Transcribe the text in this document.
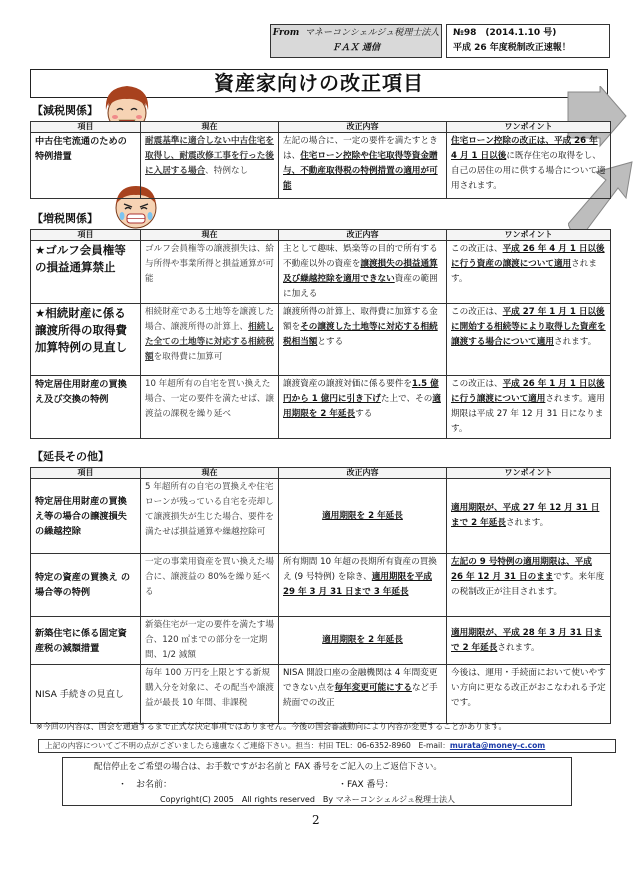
From マネーコンシェルジュ税理士法人
ＦＡＸ 通信
№98　(2014.1.10 号)
平成 26 年度税制改正速報！
資産家向けの改正項目
【減税関係】
項目	現在	改正内容	ワンポイント
中古住宅流通のための特例措置	耐震基準に適合しない中古住宅を取得し、耐震改修工事を行った後に入居する場合、特例なし	左記の場合に、一定の要件を満たすときは、住宅ローン控除や住宅取得等資金贈与、不動産取得税の特例措置の適用が可能	住宅ローン控除の改正は、平成 26 年 4 月 1 日以後に既存住宅の取得をし、自己の居住の用に供する場合について適用されます。
【増税関係】
項目	現在	改正内容	ワンポイント
★ゴルフ会員権等の損益通算禁止	ゴルフ会員権等の譲渡損失は、給与所得や事業所得と損益通算が可能	主として趣味、娯楽等の目的で所有する不動産以外の資産を譲渡損失の損益通算及び繰越控除を適用できない資産の範囲に加える	この改正は、平成 26 年 4 月 1 日以後に行う資産の譲渡について適用されます。
★相続財産に係る譲渡所得の取得費加算特例の見直し	相続財産である土地等を譲渡した場合、譲渡所得の計算上、相続した全ての土地等に対応する相続税額を取得費に加算可	譲渡所得の計算上、取得費に加算する金額をその譲渡した土地等に対応する相続税相当額とする	この改正は、平成 27 年 1 月 1 日以後に開始する相続等により取得した資産を譲渡する場合について適用されます。
特定居住用財産の買換え及び交換の特例	10 年超所有の自宅を買い換えた場合、一定の要件を満たせば、譲渡益の課税を繰り延べ	譲渡資産の譲渡対価に係る要件を1.5 億円から 1 億円に引き下げた上で、その適用期限を 2 年延長する	この改正は、平成 26 年 1 月 1 日以後に行う譲渡について適用されます。適用期限は平成 27 年 12 月 31 日になります。
【延長その他】
項目	現在	改正内容	ワンポイント
特定居住用財産の買換え等の場合の譲渡損失の繰越控除	5 年超所有の自宅の買換えや住宅ローンが残っている自宅を売却して譲渡損失が生じた場合、要件を満たせば損益通算や繰越控除可	適用期限を 2 年延長	適用期限が、平成 27 年 12 月 31 日まで 2 年延長されます。
特定の資産の買換え の場合等の特例	一定の事業用資産を買い換えた場合に、譲渡益の 80%を繰り延べる	所有期間 10 年超の長期所有資産の買換え (9 号特例) を除き、適用期限を平成 29 年 3 月 31 日まで 3 年延長	左記の 9 号特例の適用期限は、平成 26 年 12 月 31 日のままです。来年度の税制改正が注目されます。
新築住宅に係る固定資産税の減額措置	新築住宅が一定の要件を満たす場合、120 ㎡までの部分を一定期間、1/2 減額	適用期限を 2 年延長	適用期限が、平成 28 年 3 月 31 日まで 2 年延長されます。
NISA 手続きの見直し	毎年 100 万円を上限とする新規購入分を対象に、その配当や譲渡益が最長 10 年間、非課税	NISA 開設口座の金融機関は 4 年間変更できない点を毎年変更可能にするなど手続面での改正	今後は、運用・手続面において使いやすい方向に更なる改正がおこなわれる予定です。
※今回の内容は、国会を通過するまで正式な決定事項ではありません。今後の国会審議動向により内容が変更することがあります。
上記の内容についてご不明の点がございましたら遠慮なくご連絡下さい。担当：村田 TEL：06-6352-8960　E-mail：murata@money-c.com
配信停止をご希望の場合は、お手数ですがお名前と FAX 番号をご記入の上ご返信下さい。
・　お名前：	・FAX 番号：
Copyright(C) 2005　All rights reserved　By マネーコンシェルジュ税理士法人
2
